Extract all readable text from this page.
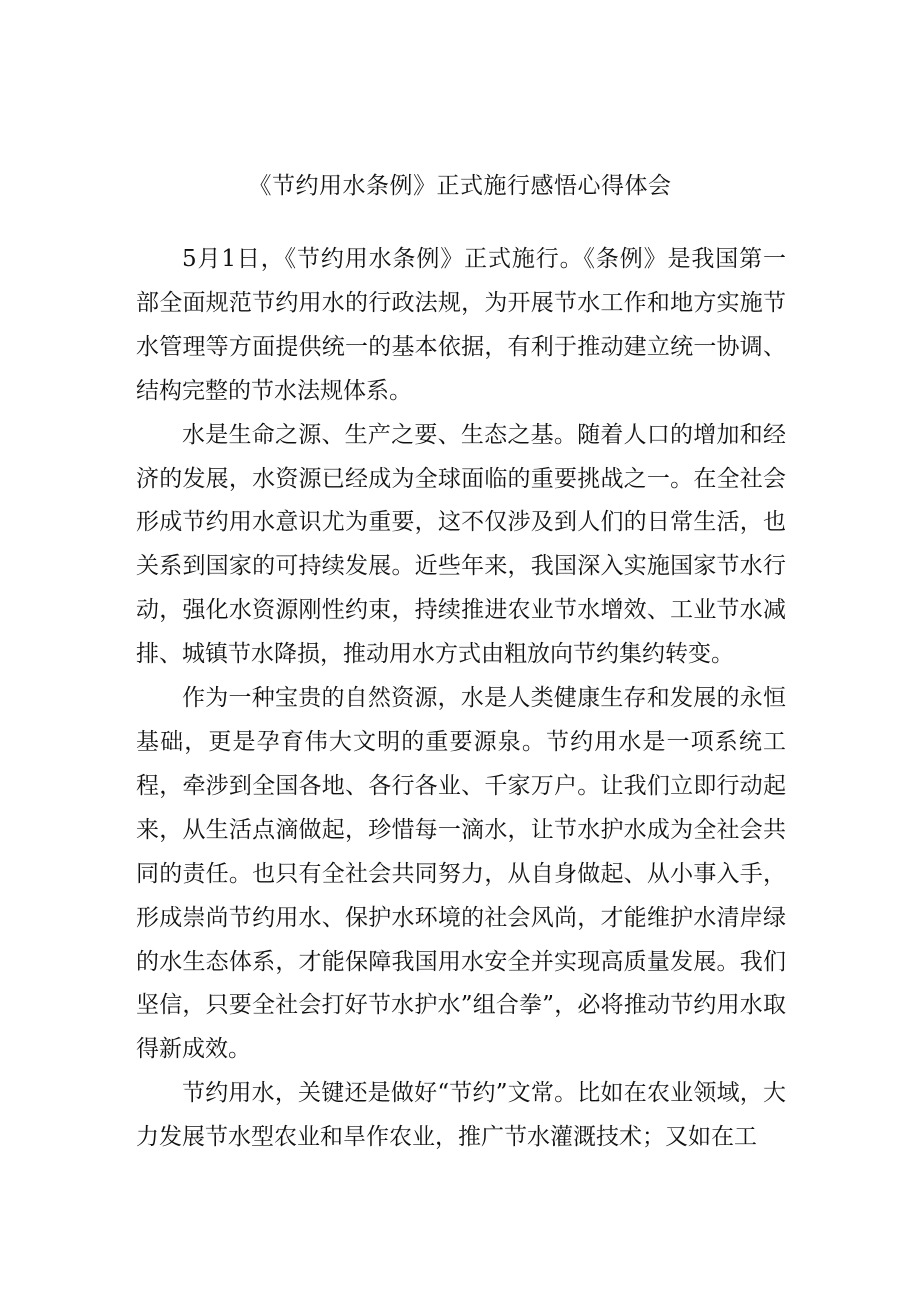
《节约用水条例》正式施行感悟心得体会

5月1日，《节约用水条例》正式施行。《条例》是我国第一部全面规范节约用水的行政法规，为开展节水工作和地方实施节水管理等方面提供统一的基本依据，有利于推动建立统一协调、结构完整的节水法规体系。

水是生命之源、生产之要、生态之基。随着人口的增加和经济的发展，水资源已经成为全球面临的重要挑战之一。在全社会形成节约用水意识尤为重要，这不仅涉及到人们的日常生活，也关系到国家的可持续发展。近些年来，我国深入实施国家节水行动，强化水资源刚性约束，持续推进农业节水增效、工业节水减排、城镇节水降损，推动用水方式由粗放向节约集约转变。

作为一种宝贵的自然资源，水是人类健康生存和发展的永恒基础，更是孕育伟大文明的重要源泉。节约用水是一项系统工程，牵涉到全国各地、各行各业、千家万户。让我们立即行动起来，从生活点滴做起，珍惜每一滴水，让节水护水成为全社会共同的责任。也只有全社会共同努力，从自身做起、从小事入手，形成崇尚节约用水、保护水环境的社会风尚，才能维护水清岸绿的水生态体系，才能保障我国用水安全并实现高质量发展。我们坚信，只要全社会打好节水护水”组合拳”，必将推动节约用水取得新成效。

节约用水，关键还是做好“节约”文常。比如在农业领域，大力发展节水型农业和旱作农业，推广节水灌溉技术；又如在工
